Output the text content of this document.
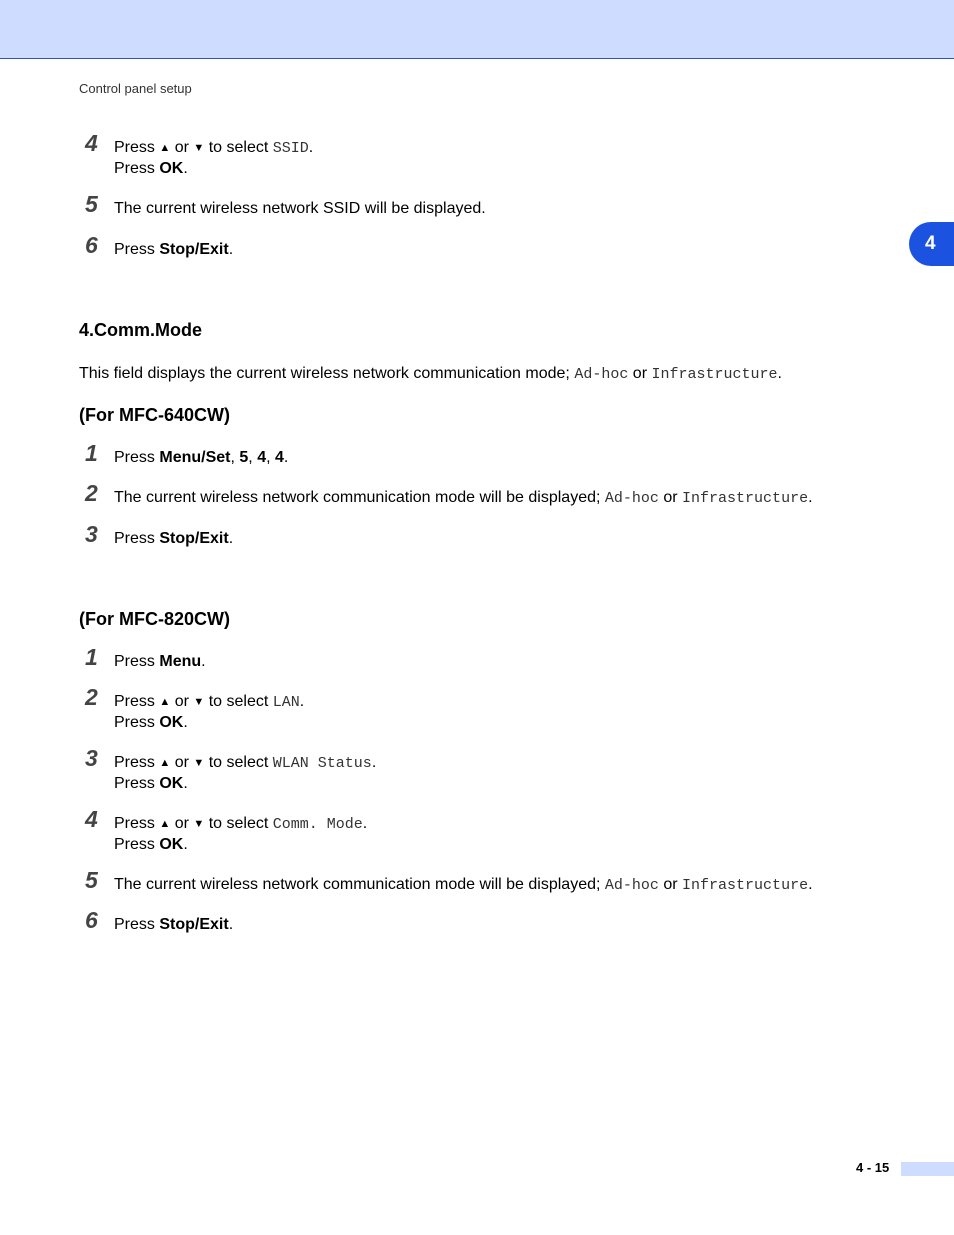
Control panel setup
4
4	Press ▲ or ▼ to select SSID.
Press OK.
5	The current wireless network SSID will be displayed.
6	Press Stop/Exit.
4.Comm.Mode
This field displays the current wireless network communication mode; Ad-hoc or Infrastructure.
(For MFC-640CW)
1	Press Menu/Set, 5, 4, 4.
2	The current wireless network communication mode will be displayed; Ad-hoc or Infrastructure.
3	Press Stop/Exit.
(For MFC-820CW)
1	Press Menu.
2	Press ▲ or ▼ to select LAN.
Press OK.
3	Press ▲ or ▼ to select WLAN Status.
Press OK.
4	Press ▲ or ▼ to select Comm. Mode.
Press OK.
5	The current wireless network communication mode will be displayed; Ad-hoc or Infrastructure.
6	Press Stop/Exit.
4 - 15
